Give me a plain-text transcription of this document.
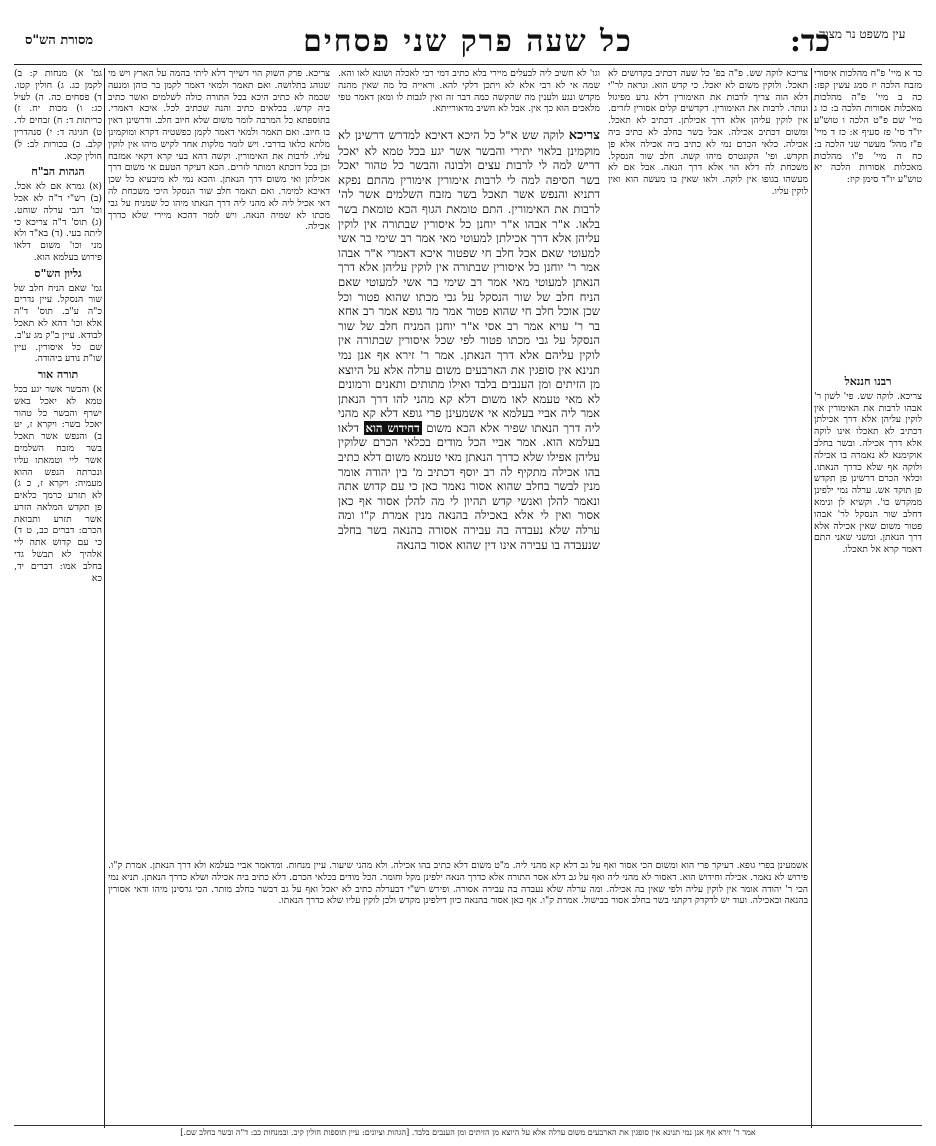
עין משפט נר מצוה
כד:
כל שעה פרק שני פסחים
מסורת הש"ס

כד א מיי' פ"ח מהלכות איסורי מזבח הלכה יז סמג עשין קפז: כה ב מיי' פ"ה מהלכות מאכלות אסורות הלכה ב: כו ג מיי' שם פ"ט הלכה ו טוש"ע יו"ד סי' פז סעיף א: כז ד מיי' פ"ז מהל' מעשר שני הלכה ב: כח ה מיי' פ"ו מהלכות מאכלות אסורות הלכה יא טוש"ע יו"ד סימן קיז:

רבנו חננאל

צריכא. לוקה שש. פי' לשון ר' אבהו לרבות את האימורין אין לוקין עליהן אלא דרך אכילתן דכתיב לא תאכלו אינו לוקה אלא דרך אכילה. ובשר בחלב אוקימנא לא נאמרה בו אכילה ולוקה אף שלא כדרך הנאתו. וכלאי הכרם דרשינן פן תקדש פן תוקד אש. ערלה נמי ילפינן ממקדש כו'. וקשיא לן ונימא דחלב שור הנסקל לר' אבהו פטור משום שאין אכילה אלא דרך הנאתן. ומשני שאני התם דאמר קרא אל תאכלו.

צריכא לוקה שש. פ"ה בפ' כל שעה דכתיב בקדושים לא תאכל. ולוקין משום לא יאכל. כי קדש הוא. ונראה לר"י דלא הוה צריך לרבות את האימורין דלא גרע מפיגול ונותר. לרבות את האימורין. דקדשים קלים אסורין לזרים. אין לוקין עליהן אלא דרך אכילתן. דכתיב לא תאכל. ומשום דכתיב אכילה. אבל בשר בחלב לא כתיב ביה אכילה. כלאי הכרם נמי לא כתיב ביה אכילה אלא פן תקדש. ופי' הקונטרס מיהו קשה. חלב שור הנסקל. משכחת לה דלא הוי אלא דרך הנאה. אבל אם לא מעשהו בגופו אין לוקה. ולאו שאין בו מעשה הוא ואין לוקין עליו.

וגו' לא חשיב ליה לבעלים מיירי בלא כתיב דמי רבי לאכלה ושונא לאו והא. שמה אי לא רבי אלא לא ויתכן דלקי להא. וראייה כל מה שאין מהנה מקדש ונגע ולענין מה שהקשה כמה דבר זה ואין לגבות לו ומאן דאמר טפי מלאכים הוא כך אין. אבל לא חשיב מדאורייתא.

צריכא לוקה שש א"ל כל היכא דאיכא למדרש דרשינן לא מוקמינן בלאוי יתירי והבשר אשר יגע בכל טמא לא יאכל דריש למה לי לרבות עצים ולבונה והבשר כל טהור יאכל בשר הסיפה למה לי לרבות אימורין אימורין מהתם נפקא דתניא והנפש אשר תאכל בשר מזבח השלמים אשר לה' לרבות את האימורין. התם טומאת הגוף הכא טומאת בשר בלאו. א"ר אבהו א"ר יוחנן כל איסורין שבתורה אין לוקין עליהן אלא דרך אכילתן למעוטי מאי אמר רב שימי בר אשי למעוטי שאם אכל חלב חי שפטור איכא דאמרי א"ר אבהו אמר ר' יוחנן כל איסורין שבתורה אין לוקין עליהן אלא דרך הנאתן למעוטי מאי אמר רב שימי בר אשי למעוטי שאם הניח חלב של שור הנסקל על גבי מכתו שהוא פטור וכל שכן אוכל חלב חי שהוא פטור אמר מר גופא אמר רב אחא בר ר' עויא אמר רב אסי א"ר יוחנן המניח חלב של שור הנסקל על גבי מכתו פטור לפי שכל איסורין שבתורה אין לוקין עליהם אלא דרך הנאתן. אמר ר' זירא אף אנן נמי תנינא אין סופגין את הארבעים משום ערלה אלא על היוצא מן הזיתים ומן הענבים בלבד ואילו מתותים ותאנים ורמונים לא מאי טעמא לאו משום דלא קא מהני להו דרך הנאתן אמר ליה אביי בעלמא אי אשמעינן פרי גופא דלא קא מהני ליה דרך הנאתו שפיר אלא הכא משום דחידוש הוא דלאו בעלמא הוא. אמר אביי הכל מודים בכלאי הכרם שלוקין עליהן אפילו שלא כדרך הנאתן מאי טעמא משום דלא כתיב בהו אכילה מתקיף לה רב יוסף דכתיב מ' בין יהודה אומר מנין לבשר בחלב שהוא אסור נאמר כאן כי עם קדוש אתה ונאמר להלן ואנשי קדש תהיון לי מה להלן אסור אף כאן אסור ואין לי אלא באכילה בהנאה מנין אמרת ק"ו ומה ערלה שלא נעבדה בה עבירה אסורה בהנאה בשר בחלב שנעבדה בו עבירה אינו דין שהוא אסור בהנאה

צריכא. פרק השוק הוי דשייך דלא ליתי בהמה על הארץ ויש מי שנוהג בתלושה. ואם תאמר ולמאי דאמר לקמן בר כוהן ומנעה שכמה לא כתיב היכא בכל התורה כולה לשלמים ואשר כתיב ביה קדש. בכלאים כתיב והנה שכתיב לכל. איכא דאמרי. בתוספתא כל המרבה לומר משום שלא חיוב חלב. ודרשינן דאין בו חיוב. ואם תאמר ולמאי דאמר לקמן כפשטיה דקרא ומוקמינן מלתא כלאו בדרבי. ויש לומר מלקות אחד לקיש מיהו אין לוקין עליו. לרבות את האימורין. וקשה דהא בעי קרא דקאי אמזבח וכן בכל דוכתא דמותר לזרים. הכא דעיקר הטעם אי משום דרך אכילתן ואי משום דרך הנאתן. והכא נמי לא מיבעיא כל שכן דאיכא למימר. ואם תאמר חלב שור הנסקל היכי משכחת לה דאי אכיל ליה לא מהני ליה דרך הנאתו מיהו כל שמניח על גבי מכתו לא שמיה הנאה. ויש לומר דהכא מיירי שלא כדרך אכילה.

גמ' א) מנחות ק: ב) לקמן כג. ג) חולין קטו. ד) פסחים כה. ה) לעיל כג: ו) מכות יח. ז) כריתות ד: ח) זבחים לד. ט) חגיגה ד: י) סנהדרין קלב. כ) בכורות לב: ל) חולין קכא.

הגהות הב"ח

(א) גמרא אם לא אכל. (ב) רש"י ד"ה לא אכל וכו' דגבי ערלה שוחט. (ג) תוס' ד"ה צריכא כי ליתה בעי. (ד) בא"ד ולא מני וכו' משום דלאו פירוש בעלמא הוא.

גליון הש"ס

גמ' שאם הניח חלב של שור הנסקל. עיין נדרים כ"ה ע"ב. תוס' ד"ה אלא וכו' דהא לא תאכל לבודא. עיין ב"ק מג ע"ב. שם כל איסורין. עיין שו"ת נודע ביהודה.

תורה אור

א) והבשר אשר יגע בכל טמא לא יאכל באש ישרף והבשר כל טהור יאכל בשר: ויקרא ז, יט ב) והנפש אשר תאכל בשר מזבח השלמים אשר ליי וטמאתו עליו ונכרתה הנפש ההוא מעמיה: ויקרא ז, כ ג) לא תזרע כרמך כלאים פן תקדש המלאה הזרע אשר תזרע ותבואת הכרם: דברים כב, ט ד) כי עם קדוש אתה ליי אלהיך לא תבשל גדי בחלב אמו: דברים יד, כא

אשמעינן בפרי גופא. דעיקר פרי הוא ומשום הכי אסור ואף על גב דלא קא מהני ליה. מ"ט משום דלא כתיב בהו אכילה. ולא מהני שיעור. עיין מנחות. ומדאמר אביי בעלמא ולא דרך הנאתן. אמרת ק"ו. פירוש לא נאמר. אכילה וחידוש הוא. דאסור לא מהני ליה ואף על גב דלא אסר התורה אלא כדרך הנאה ילפינן מקל וחומר. הכל מודים בכלאי הכרם. דלא כתיב ביה אכילה ושלא כדרך הנאתן. תניא נמי הכי ר' יהודה אומר אין לוקין עליה ולפי שאין בה אכילה. ומה ערלה שלא נעבדה בה עבירה אסורה. ופירש רש"י דבערלה כתיב לא יאכל ואף על גב דבשר בחלב מותר. הכי גרסינן מיהו ודאי אסורין בהנאה ובאכילה. ועוד יש לדקדק דקתני בשר בחלב אסור בבישול. אמרת ק"ו. אף כאן אסור בהנאה כיון דילפינן מקדש ולכן לוקין עליו שלא כדרך הנאתו.

אמר ר' זירא אף אנן נמי תנינא אין סופגין את הארבעים משום ערלה אלא על היוצא מן הזיתים ומן הענבים בלבד. [הגהות וציונים: עיין תוספות חולין קיב. ובמנחות כב: ד"ה ובשר בחלב שם.]
